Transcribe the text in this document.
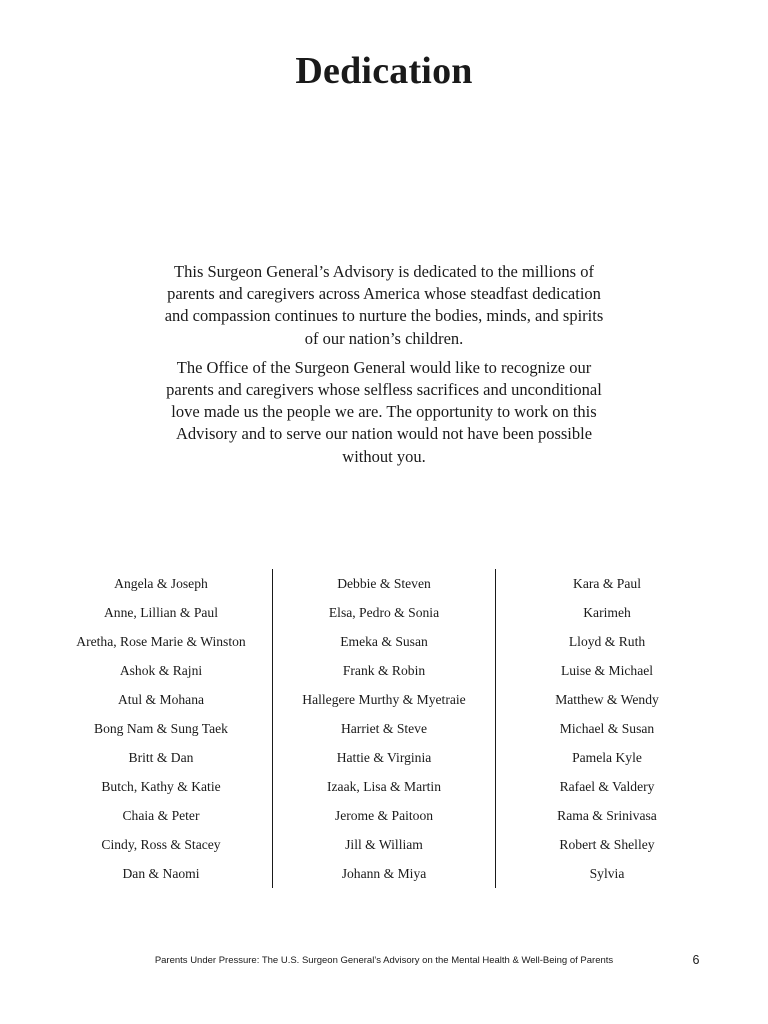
Dedication

This Surgeon General’s Advisory is dedicated to the millions of parents and caregivers across America whose steadfast dedication and compassion continues to nurture the bodies, minds, and spirits of our nation’s children.

The Office of the Surgeon General would like to recognize our parents and caregivers whose selfless sacrifices and unconditional love made us the people we are. The opportunity to work on this Advisory and to serve our nation would not have been possible without you.

Angela & Joseph
Anne, Lillian & Paul
Aretha, Rose Marie & Winston
Ashok & Rajni
Atul & Mohana
Bong Nam & Sung Taek
Britt & Dan
Butch, Kathy & Katie
Chaia & Peter
Cindy, Ross & Stacey
Dan & Naomi
Debbie & Steven
Elsa, Pedro & Sonia
Emeka & Susan
Frank & Robin
Hallegere Murthy & Myetraie
Harriet & Steve
Hattie & Virginia
Izaak, Lisa & Martin
Jerome & Paitoon
Jill & William
Johann & Miya
Kara & Paul
Karimeh
Lloyd & Ruth
Luise & Michael
Matthew & Wendy
Michael & Susan
Pamela Kyle
Rafael & Valdery
Rama & Srinivasa
Robert & Shelley
Sylvia
Parents Under Pressure: The U.S. Surgeon General’s Advisory on the Mental Health & Well-Being of Parents	6
